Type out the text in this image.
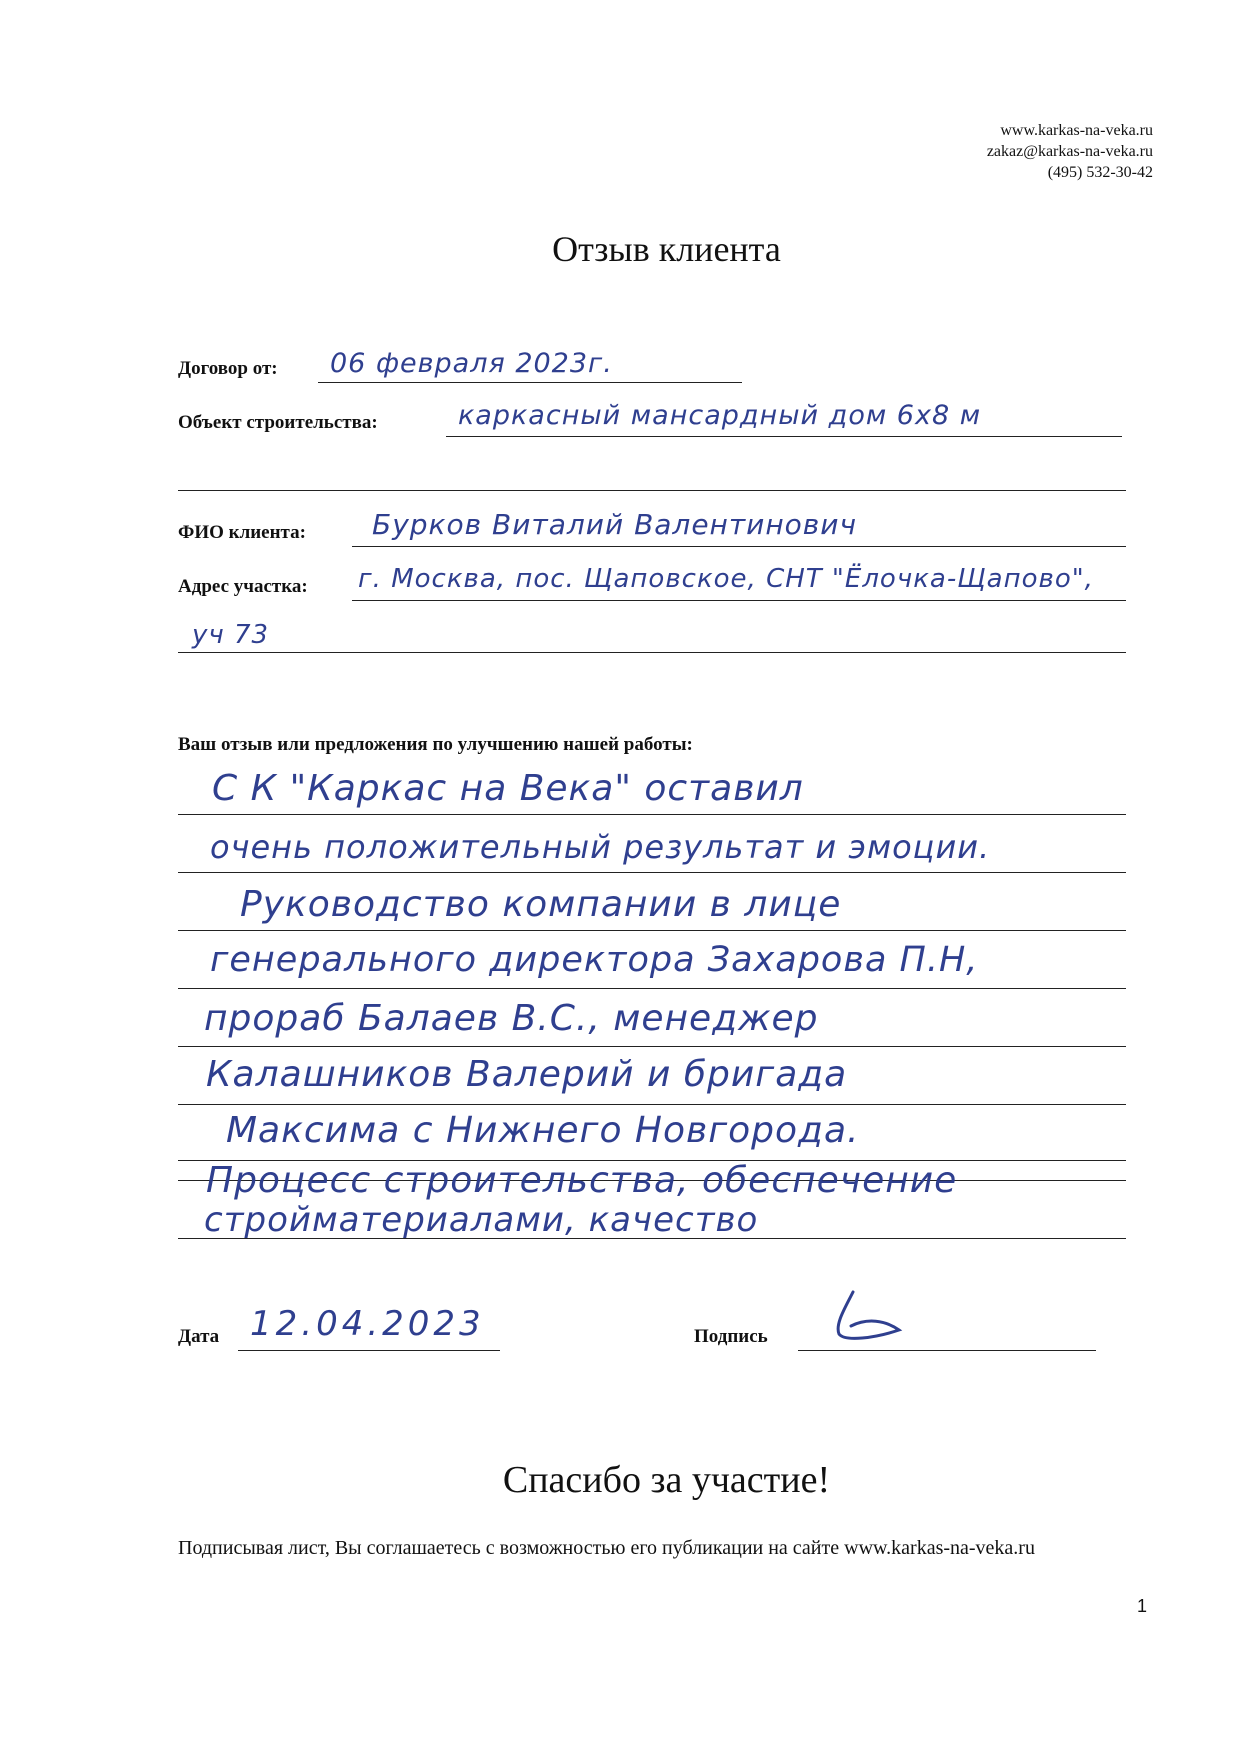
www.karkas-na-veka.ru
zakaz@karkas-na-veka.ru
(495) 532-30-42
Отзыв клиента
Договор от: 06 февраля 2023г.
Объект строительства:	каркасный мансардный дом 6х8 м
ФИО клиента: Бурков Виталий Валентинович
Адрес участка: г. Москва, пос. Щаповское, СНТ "Ёлочка-Щапово",
уч 73
Ваш отзыв или предложения по улучшению нашей работы:
С К "Каркас на Века" оставил
очень положительный результат и эмоции.
Руководство компании в лице
генерального директора Захарова П.Н,
прораб Балаев В.С., менеджер
Калашников Валерий и бригада
Максима с Нижнего Новгорода.
Процесс строительства, обеспечение
стройматериалами, качество
Дата 12.04.2023	Подпись
Спасибо за участие!
Подписывая лист, Вы соглашаетесь с возможностью его публикации на сайте www.karkas-na-veka.ru
1
